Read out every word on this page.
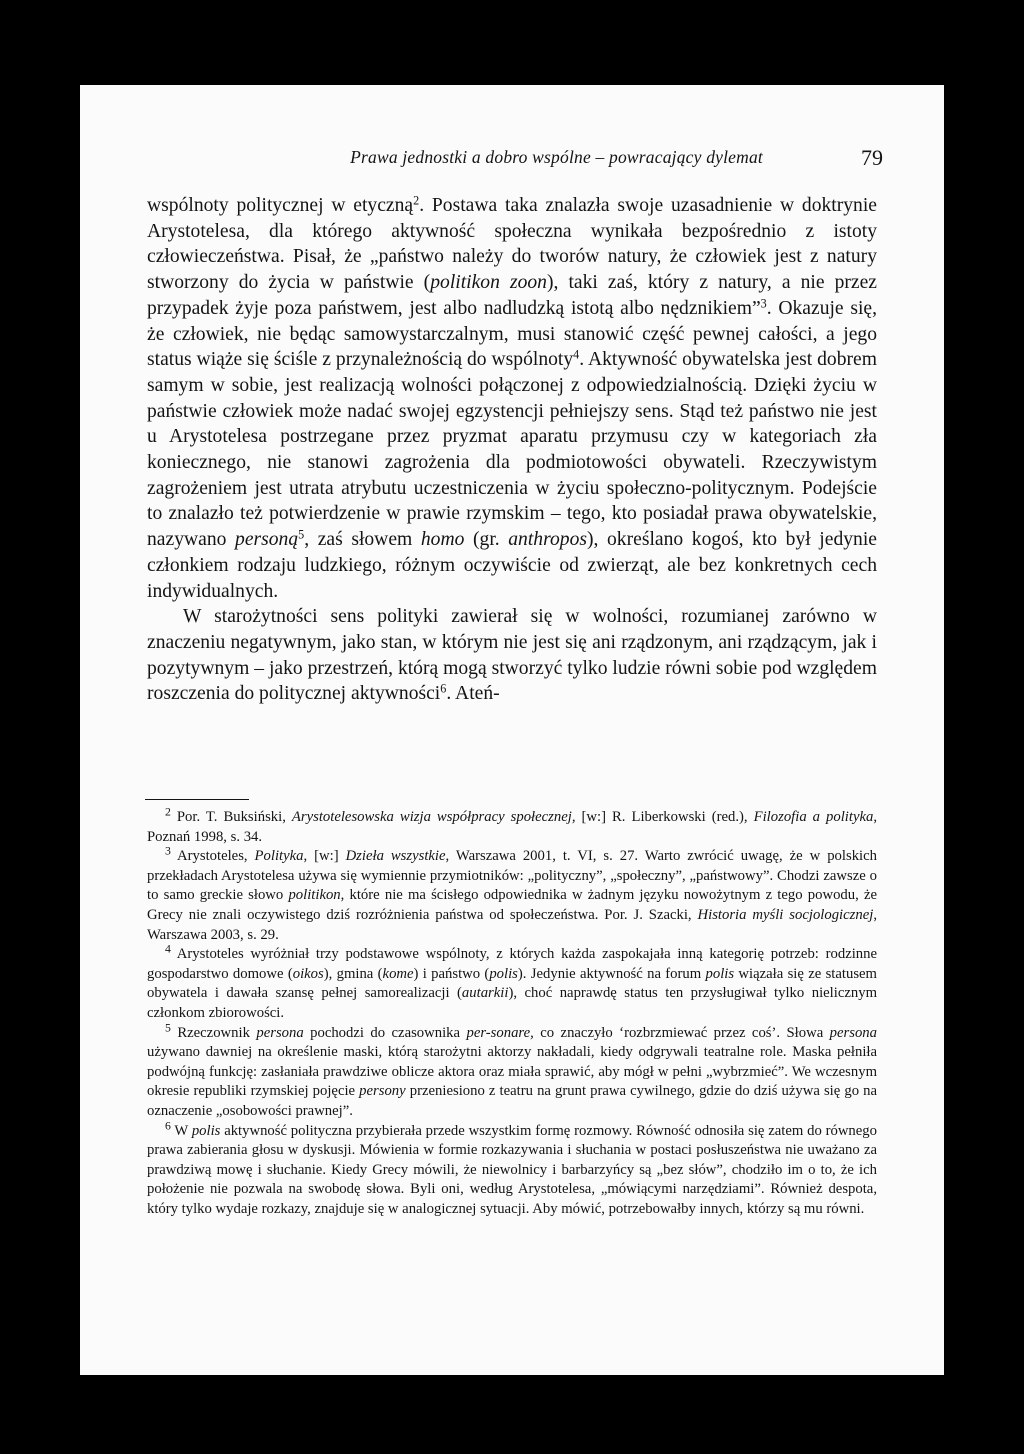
Prawa jednostki a dobro wspólne – powracający dylemat	79

wspólnoty politycznej w etyczną$^2$. Postawa taka znalazła swoje uzasadnienie w doktrynie Arystotelesa, dla którego aktywność społeczna wynikała bezpośrednio z istoty człowieczeństwa. Pisał, że „państwo należy do tworów natury, że człowiek jest z natury stworzony do życia w państwie (politikon zoon), taki zaś, który z natury, a nie przez przypadek żyje poza państwem, jest albo nadludzką istotą albo nędznikiem”$^3$. Okazuje się, że człowiek, nie będąc samowystarczalnym, musi stanowić część pewnej całości, a jego status wiąże się ściśle z przynależnością do wspólnoty$^4$. Aktywność obywatelska jest dobrem samym w sobie, jest realizacją wolności połączonej z odpowiedzialnością. Dzięki życiu w państwie człowiek może nadać swojej egzystencji pełniejszy sens. Stąd też państwo nie jest u Arystotelesa postrzegane przez pryzmat aparatu przymusu czy w kategoriach zła koniecznego, nie stanowi zagrożenia dla podmiotowości obywateli. Rzeczywistym zagrożeniem jest utrata atrybutu uczestniczenia w życiu społeczno-politycznym. Podejście to znalazło też potwierdzenie w prawie rzymskim – tego, kto posiadał prawa obywatelskie, nazywano personą$^5$, zaś słowem homo (gr. anthropos), określano kogoś, kto był jedynie członkiem rodzaju ludzkiego, różnym oczywiście od zwierząt, ale bez konkretnych cech indywidualnych.

W starożytności sens polityki zawierał się w wolności, rozumianej zarówno w znaczeniu negatywnym, jako stan, w którym nie jest się ani rządzonym, ani rządzącym, jak i pozytywnym – jako przestrzeń, którą mogą stworzyć tylko ludzie równi sobie pod względem roszczenia do politycznej aktywności$^6$. Ateń-

$^2$ Por. T. Buksiński, Arystotelesowska wizja współpracy społecznej, [w:] R. Liberkowski (red.), Filozofia a polityka, Poznań 1998, s. 34.

$^3$ Arystoteles, Polityka, [w:] Dzieła wszystkie, Warszawa 2001, t. VI, s. 27. Warto zwrócić uwagę, że w polskich przekładach Arystotelesa używa się wymiennie przymiotników: „polityczny”, „społeczny”, „państwowy”. Chodzi zawsze o to samo greckie słowo politikon, które nie ma ścisłego odpowiednika w żadnym języku nowożytnym z tego powodu, że Grecy nie znali oczywistego dziś rozróżnienia państwa od społeczeństwa. Por. J. Szacki, Historia myśli socjologicznej, Warszawa 2003, s. 29.

$^4$ Arystoteles wyróżniał trzy podstawowe wspólnoty, z których każda zaspokajała inną kategorię potrzeb: rodzinne gospodarstwo domowe (oikos), gmina (kome) i państwo (polis). Jedynie aktywność na forum polis wiązała się ze statusem obywatela i dawała szansę pełnej samorealizacji (autarkii), choć naprawdę status ten przysługiwał tylko nielicznym członkom zbiorowości.

$^5$ Rzeczownik persona pochodzi do czasownika per-sonare, co znaczyło ‘rozbrzmiewać przez coś’. Słowa persona używano dawniej na określenie maski, którą starożytni aktorzy nakładali, kiedy odgrywali teatralne role. Maska pełniła podwójną funkcję: zasłaniała prawdziwe oblicze aktora oraz miała sprawić, aby mógł w pełni „wybrzmieć”. We wczesnym okresie republiki rzymskiej pojęcie persony przeniesiono z teatru na grunt prawa cywilnego, gdzie do dziś używa się go na oznaczenie „osobowości prawnej”.

$^6$ W polis aktywność polityczna przybierała przede wszystkim formę rozmowy. Równość odnosiła się zatem do równego prawa zabierania głosu w dyskusji. Mówienia w formie rozkazywania i słuchania w postaci posłuszeństwa nie uważano za prawdziwą mowę i słuchanie. Kiedy Grecy mówili, że niewolnicy i barbarzyńcy są „bez słów”, chodziło im o to, że ich położenie nie pozwala na swobodę słowa. Byli oni, według Arystotelesa, „mówiącymi narzędziami”. Również despota, który tylko wydaje rozkazy, znajduje się w analogicznej sytuacji. Aby mówić, potrzebowałby innych, którzy są mu równi.
